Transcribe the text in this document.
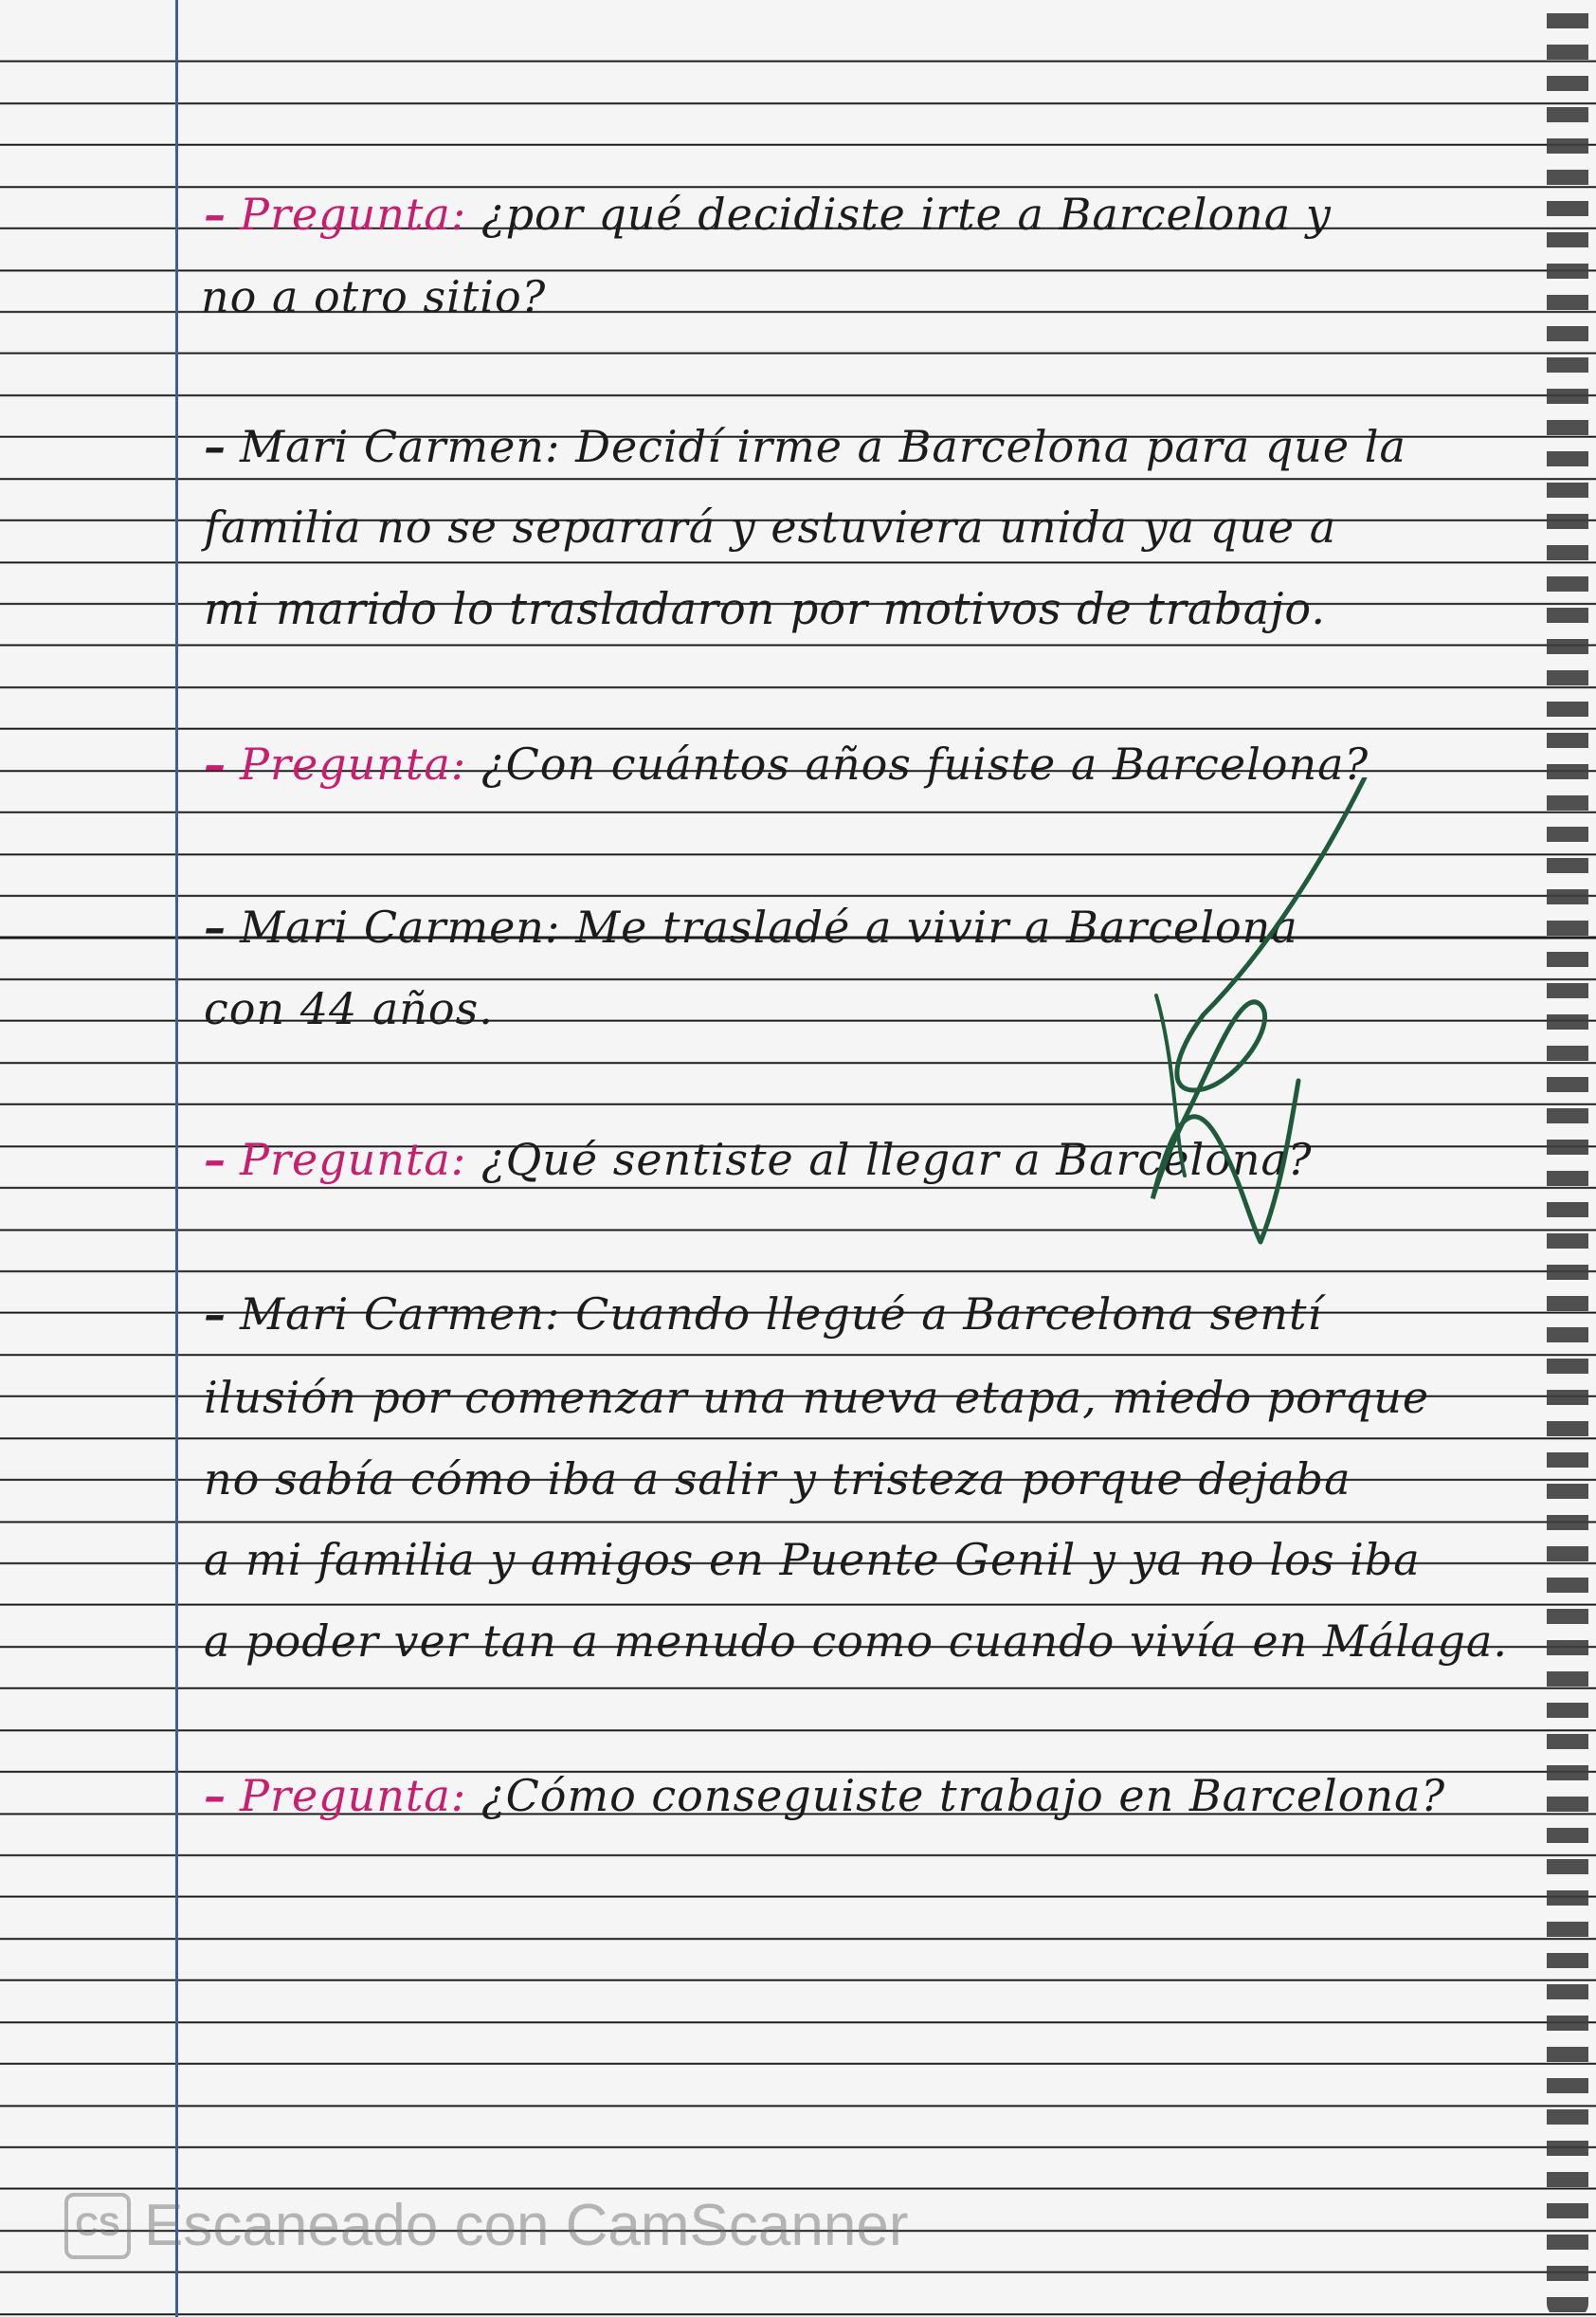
– Pregunta: ¿por qué decidiste irte a Barcelona y
no a otro sitio?
– Mari Carmen: Decidí irme a Barcelona para que la
familia no se separará y estuviera unida ya que a
mi marido lo trasladaron por motivos de trabajo.
– Pregunta: ¿Con cuántos años fuiste a Barcelona?
– Mari Carmen: Me trasladé a vivir a Barcelona
con 44 años.
– Pregunta: ¿Qué sentiste al llegar a Barcelona?
– Mari Carmen: Cuando llegué a Barcelona sentí
ilusión por comenzar una nueva etapa, miedo porque
no sabía cómo iba a salir y tristeza porque dejaba
a mi familia y amigos en Puente Genil y ya no los iba
a poder ver tan a menudo como cuando vivía en Málaga.
– Pregunta: ¿Cómo conseguiste trabajo en Barcelona?
CS Escaneado con CamScanner
